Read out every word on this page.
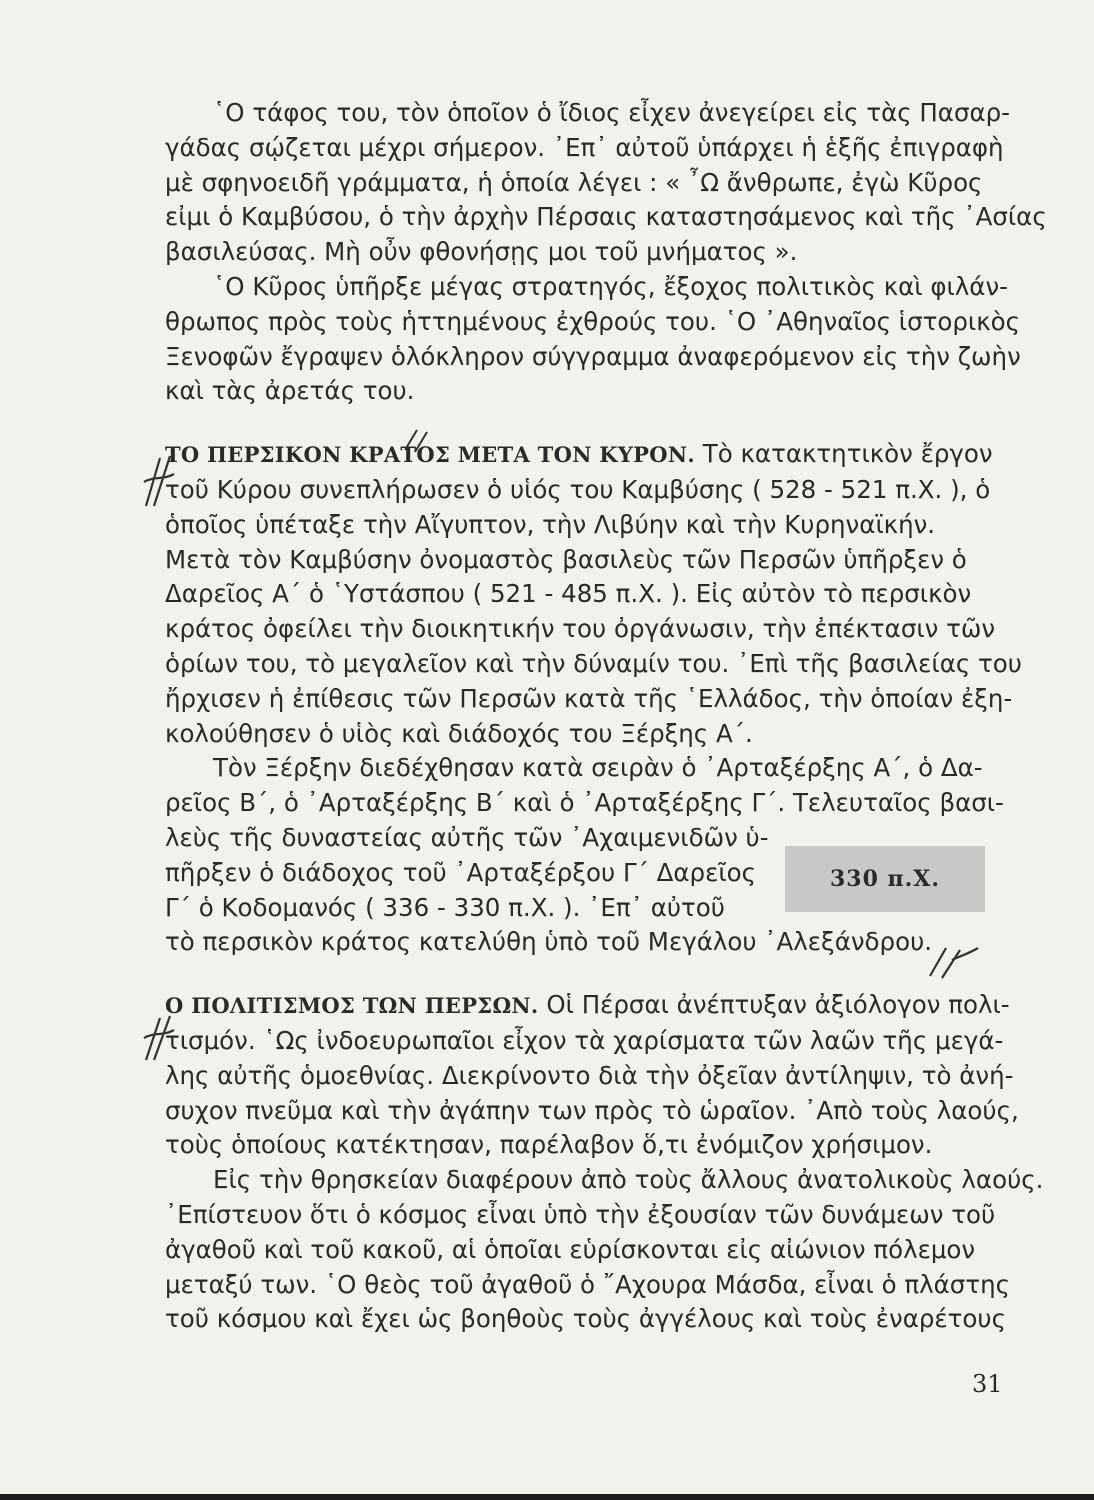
῾Ο τάφος του, τὸν ὁποῖον ὁ ἴδιος εἶχεν ἀνεγείρει εἰς τὰς Πασαρ-
γάδας σῴζεται μέχρι σήμερον. ᾿Επ᾿ αὐτοῦ ὑπάρχει ἡ ἑξῆς ἐπιγραφὴ
μὲ σφηνοειδῆ γράμματα, ἡ ὁποία λέγει : « ῏Ω ἄνθρωπε, ἐγὼ Κῦρος
εἰμι ὁ Καμβύσου, ὁ τὴν ἀρχὴν Πέρσαις καταστησάμενος καὶ τῆς ᾿Ασίας
βασιλεύσας. Μὴ οὖν φθονήσῃς μοι τοῦ μνήματος ».
῾Ο Κῦρος ὑπῆρξε μέγας στρατηγός, ἔξοχος πολιτικὸς καὶ φιλάν-
θρωπος πρὸς τοὺς ἡττημένους ἐχθρούς του. ῾Ο ᾿Αθηναῖος ἱστορικὸς
Ξενοφῶν ἔγραψεν ὁλόκληρον σύγγραμμα ἀναφερόμενον εἰς τὴν ζωὴν
καὶ τὰς ἀρετάς του.
ΤΟ ΠΕΡΣΙΚΟΝ ΚΡΑΤΟΣ ΜΕΤΑ ΤΟΝ ΚΥΡΟΝ. Τὸ κατακτητικὸν ἔργον
τοῦ Κύρου συνεπλήρωσεν ὁ υἱός του Καμβύσης ( 528 - 521 π.Χ. ), ὁ
ὁποῖος ὑπέταξε τὴν Αἴγυπτον, τὴν Λιβύην καὶ τὴν Κυρηναϊκήν.
Μετὰ τὸν Καμβύσην ὀνομαστὸς βασιλεὺς τῶν Περσῶν ὑπῆρξεν ὁ
Δαρεῖος Α΄ ὁ ῾Υστάσπου ( 521 - 485 π.Χ. ). Εἰς αὐτὸν τὸ περσικὸν
κράτος ὀφείλει τὴν διοικητικήν του ὀργάνωσιν, τὴν ἐπέκτασιν τῶν
ὁρίων του, τὸ μεγαλεῖον καὶ τὴν δύναμίν του. ᾿Επὶ τῆς βασιλείας του
ἤρχισεν ἡ ἐπίθεσις τῶν Περσῶν κατὰ τῆς ῾Ελλάδος, τὴν ὁποίαν ἐξη-
κολούθησεν ὁ υἱὸς καὶ διάδοχός του Ξέρξης Α΄.
Τὸν Ξέρξην διεδέχθησαν κατὰ σειρὰν ὁ ᾿Αρταξέρξης Α΄, ὁ Δα-
ρεῖος Β΄, ὁ ᾿Αρταξέρξης Β΄ καὶ ὁ ᾿Αρταξέρξης Γ΄. Τελευταῖος βασι-
λεὺς τῆς δυναστείας αὐτῆς τῶν ᾿Αχαιμενιδῶν ὑ-
πῆρξεν ὁ διάδοχος τοῦ ᾿Αρταξέρξου Γ΄ Δαρεῖος
Γ΄ ὁ Κοδομανός ( 336 - 330 π.Χ. ). ᾿Επ᾿ αὐτοῦ
τὸ περσικὸν κράτος κατελύθη ὑπὸ τοῦ Μεγάλου ᾿Αλεξάνδρου.
Ο ΠΟΛΙΤΙΣΜΟΣ ΤΩΝ ΠΕΡΣΩΝ. Οἱ Πέρσαι ἀνέπτυξαν ἀξιόλογον πολι-
τισμόν. ῾Ως ἰνδοευρωπαῖοι εἶχον τὰ χαρίσματα τῶν λαῶν τῆς μεγά-
λης αὐτῆς ὁμοεθνίας. Διεκρίνοντο διὰ τὴν ὀξεῖαν ἀντίληψιν, τὸ ἀνή-
συχον πνεῦμα καὶ τὴν ἀγάπην των πρὸς τὸ ὡραῖον. ᾿Απὸ τοὺς λαούς,
τοὺς ὁποίους κατέκτησαν, παρέλαβον ὅ,τι ἐνόμιζον χρήσιμον.
Εἰς τὴν θρησκείαν διαφέρουν ἀπὸ τοὺς ἄλλους ἀνατολικοὺς λαούς.
᾿Επίστευον ὅτι ὁ κόσμος εἶναι ὑπὸ τὴν ἐξουσίαν τῶν δυνάμεων τοῦ
ἀγαθοῦ καὶ τοῦ κακοῦ, αἱ ὁποῖαι εὑρίσκονται εἰς αἰώνιον πόλεμον
μεταξύ των. ῾Ο θεὸς τοῦ ἀγαθοῦ ὁ ῎Αχουρα Μάσδα, εἶναι ὁ πλάστης
τοῦ κόσμου καὶ ἔχει ὡς βοηθοὺς τοὺς ἀγγέλους καὶ τοὺς ἐναρέτους
330 π.Χ.
31
